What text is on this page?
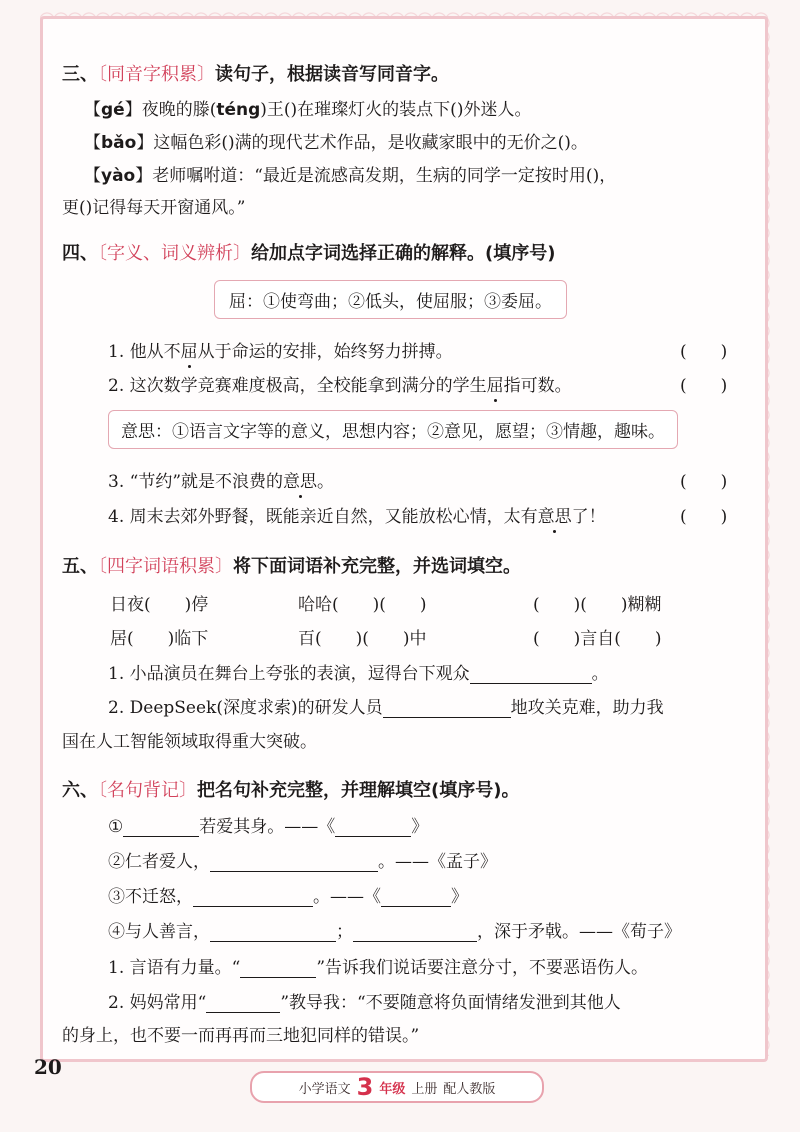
三、〔同音字积累〕读句子，根据读音写同音字。
【gé】夜晚的滕(téng)王()在璀璨灯火的装点下()外迷人。
【bǎo】这幅色彩()满的现代艺术作品，是收藏家眼中的无价之()。
【yào】老师嘱咐道：“最近是流感高发期，生病的同学一定按时用()，
更()记得每天开窗通风。”
四、〔字义、词义辨析〕给加点字词选择正确的解释。(填序号)
屈：①使弯曲；②低头，使屈服；③委屈。
1. 他从不屈从于命运的安排，始终努力拼搏。	(　　)
2. 这次数学竞赛难度极高，全校能拿到满分的学生屈指可数。	(　　)
意思：①语言文字等的意义，思想内容；②意见，愿望；③情趣，趣味。
3. “节约”就是不浪费的意思。	(　　)
4. 周末去郊外野餐，既能亲近自然，又能放松心情，太有意思了！	(　　)
五、〔四字词语积累〕将下面词语补充完整，并选词填空。
日夜(　　)停	哈哈(　　)(　　)	(　　)(　　)糊糊
居(　　)临下	百(　　)(　　)中	(　　)言自(　　)
1. 小品演员在舞台上夸张的表演，逗得台下观众	。
2. DeepSeek(深度求索)的研发人员	地攻关克难，助力我
国在人工智能领域取得重大突破。
六、〔名句背记〕把名句补充完整，并理解填空(填序号)。
①	若爱其身。——《	》
②仁者爱人，	。——《孟子》
③不迁怒，	。——《	》
④与人善言，	；	，深于矛戟。——《荀子》
1. 言语有力量。“	”告诉我们说话要注意分寸，不要恶语伤人。
2. 妈妈常用“	”教导我：“不要随意将负面情绪发泄到其他人
的身上，也不要一而再再而三地犯同样的错误。”
20
小学语文 3 年级 上册 配人教版
